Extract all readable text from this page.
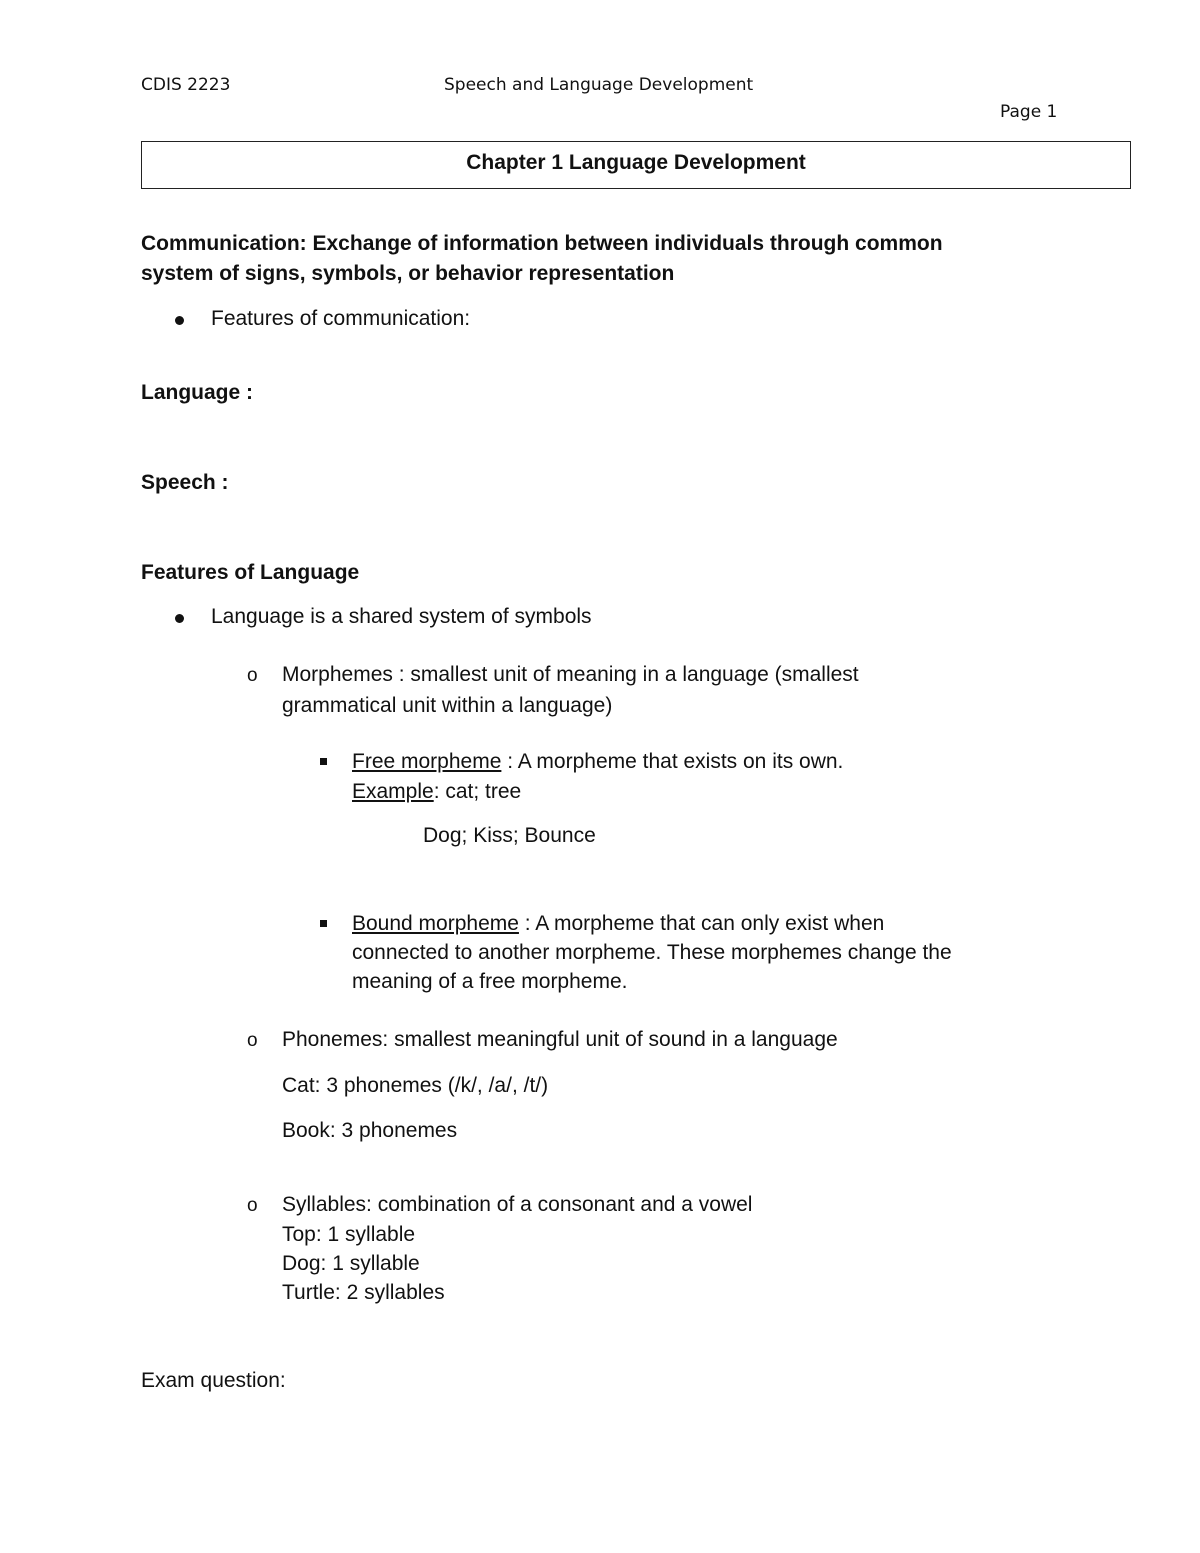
CDIS 2223	Speech and Language Development
Page 1
Chapter 1 Language Development
Communication: Exchange of information between individuals through common
system of signs, symbols, or behavior representation
Features of communication:
Language :
Speech :
Features of Language
Language is a shared system of symbols
o Morphemes : smallest unit of meaning in a language (smallest
grammatical unit within a language)
Free morpheme : A morpheme that exists on its own.
Example: cat; tree
Dog; Kiss; Bounce
Bound morpheme : A morpheme that can only exist when
connected to another morpheme. These morphemes change the
meaning of a free morpheme.
o Phonemes: smallest meaningful unit of sound in a language
Cat: 3 phonemes (/k/, /a/, /t/)
Book: 3 phonemes
o Syllables: combination of a consonant and a vowel
Top: 1 syllable
Dog: 1 syllable
Turtle: 2 syllables
Exam question:
